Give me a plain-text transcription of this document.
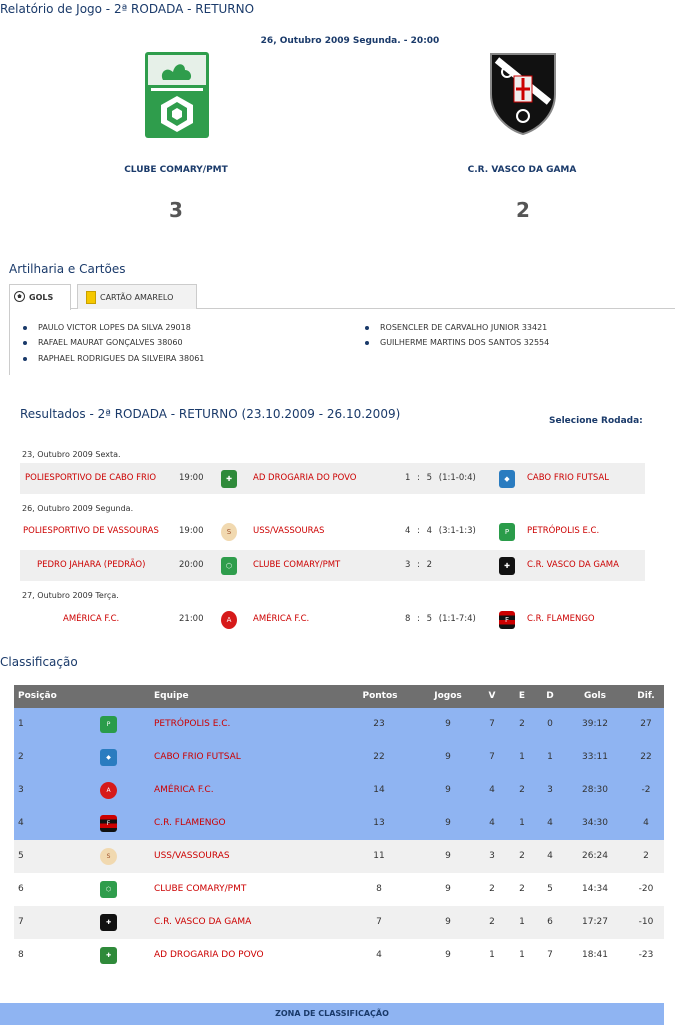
Relatório de Jogo - 2ª RODADA - RETURNO
26, Outubro 2009 Segunda. - 20:00
CLUBE COMARY/PMT	C.R. VASCO DA GAMA
3	2
Artilharia e Cartões
GOLS	CARTÃO AMARELO
PAULO VICTOR LOPES DA SILVA 29018
RAFAEL MAURAT GONÇALVES 38060
RAPHAEL RODRIGUES DA SILVEIRA 38061
ROSENCLER DE CARVALHO JUNIOR 33421
GUILHERME MARTINS DOS SANTOS 32554
Resultados - 2ª RODADA - RETURNO (23.10.2009 - 26.10.2009)	Selecione Rodada:
23, Outubro 2009 Sexta.
POLIESPORTIVO DE CABO FRIO	19:00	✚	AD DROGARIA DO POVO	1 : 5 (1:1-0:4)	◆	CABO FRIO FUTSAL
26, Outubro 2009 Segunda.
POLIESPORTIVO DE VASSOURAS 19:00	S	USS/VASSOURAS	4 : 4 (3:1-1:3)	P	PETRÓPOLIS E.C.
PEDRO JAHARA (PEDRÃO)	20:00	⬡	CLUBE COMARY/PMT	3 : 2	✚	C.R. VASCO DA GAMA
27, Outubro 2009 Terça.
AMÉRICA F.C.	21:00	A	AMÉRICA F.C.	8 : 5 (1:1-7:4)	F	C.R. FLAMENGO
Classificação
Posição	Equipe	Pontos	Jogos	V	E	D	Gols	Dif.
1	P	PETRÓPOLIS E.C.	23	9	7	2	0	39:12	27
2	◆	CABO FRIO FUTSAL	22	9	7	1	1	33:11	22
3	A	AMÉRICA F.C.	14	9	4	2	3	28:30	-2
4	F	C.R. FLAMENGO	13	9	4	1	4	34:30	4
5	S	USS/VASSOURAS	11	9	3	2	4	26:24	2
6	⬡	CLUBE COMARY/PMT	8	9	2	2	5	14:34	-20
7	✚	C.R. VASCO DA GAMA	7	9	2	1	6	17:27	-10
8	✚	AD DROGARIA DO POVO	4	9	1	1	7	18:41	-23
ZONA DE CLASSIFICAÇÃO
